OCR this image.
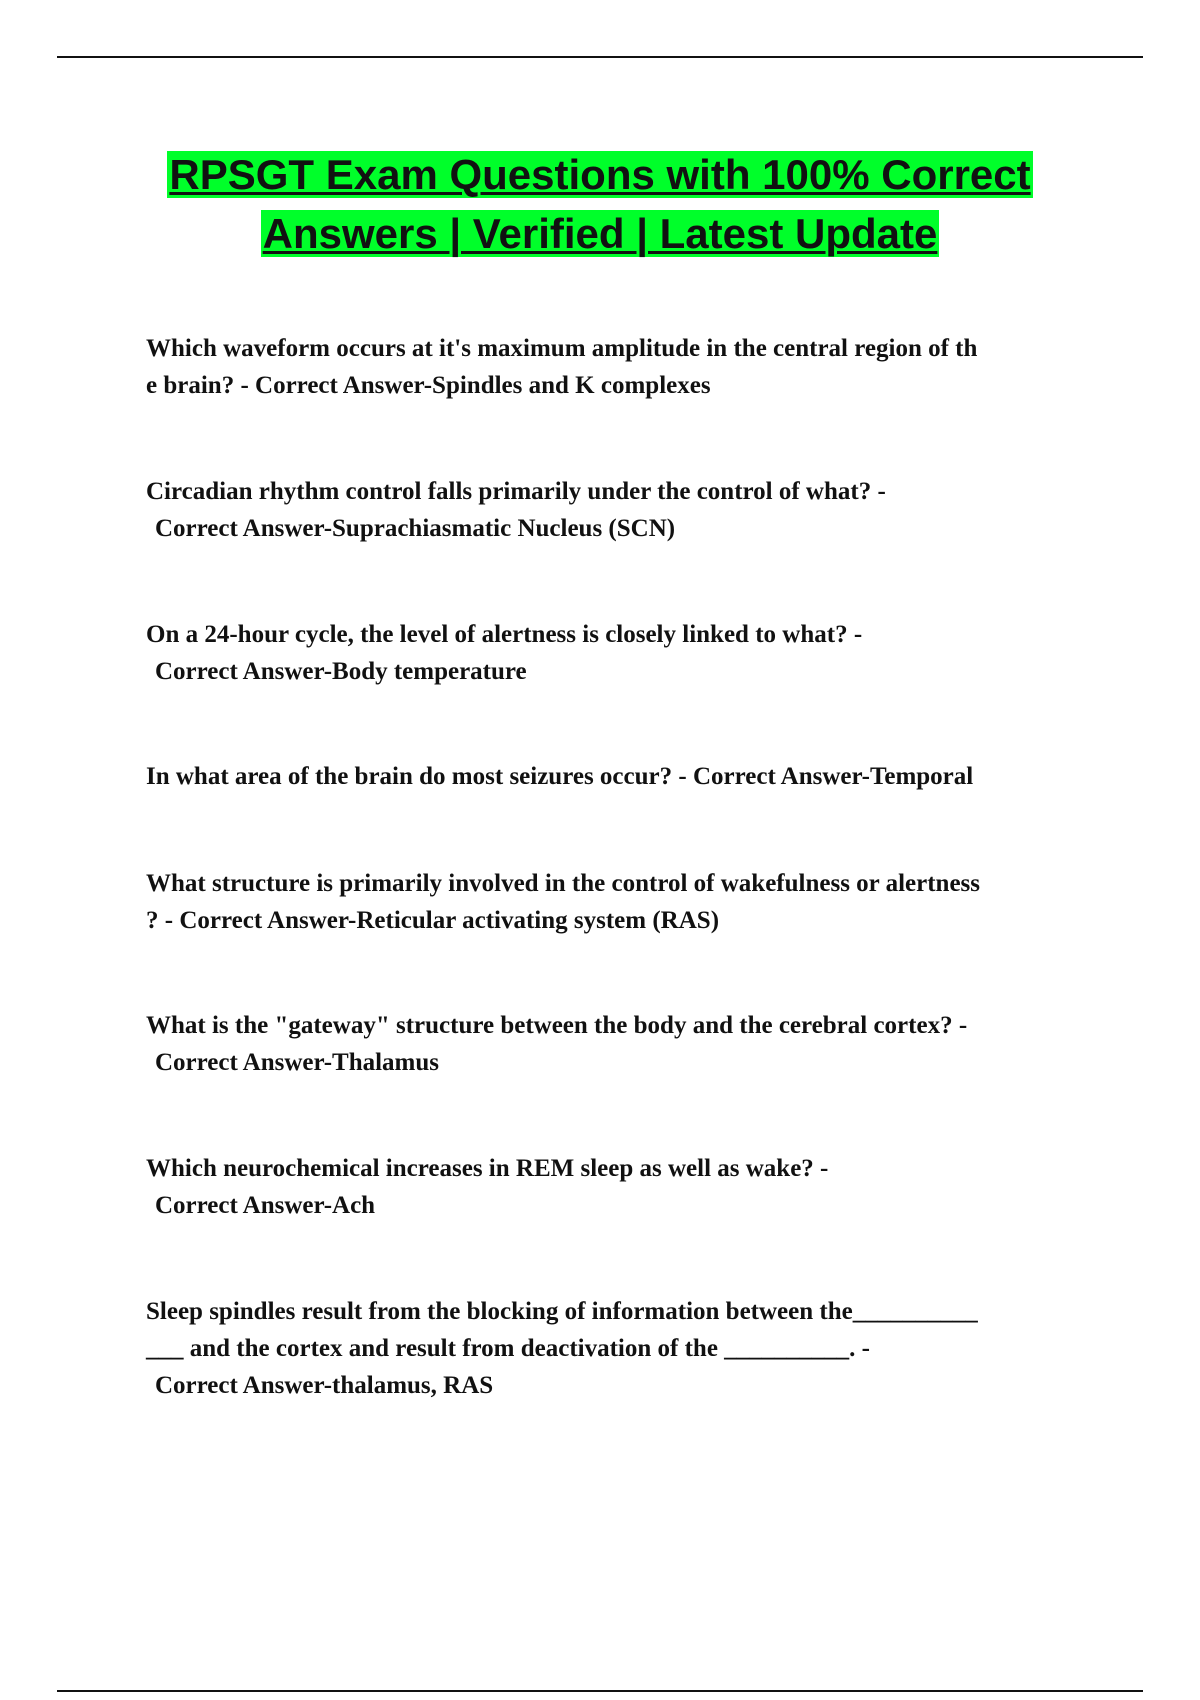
RPSGT Exam Questions with 100% Correct
Answers | Verified | Latest Update

Which waveform occurs at it's maximum amplitude in the central region of th
e brain? - Correct Answer-Spindles and K complexes

Circadian rhythm control falls primarily under the control of what? -
Correct Answer-Suprachiasmatic Nucleus (SCN)

On a 24-hour cycle, the level of alertness is closely linked to what? -
Correct Answer-Body temperature

In what area of the brain do most seizures occur? - Correct Answer-Temporal

What structure is primarily involved in the control of wakefulness or alertness
? - Correct Answer-Reticular activating system (RAS)

What is the "gateway" structure between the body and the cerebral cortex? -
Correct Answer-Thalamus

Which neurochemical increases in REM sleep as well as wake? -
Correct Answer-Ach

Sleep spindles result from the blocking of information between the__________
___ and the cortex and result from deactivation of the __________. -
Correct Answer-thalamus, RAS
